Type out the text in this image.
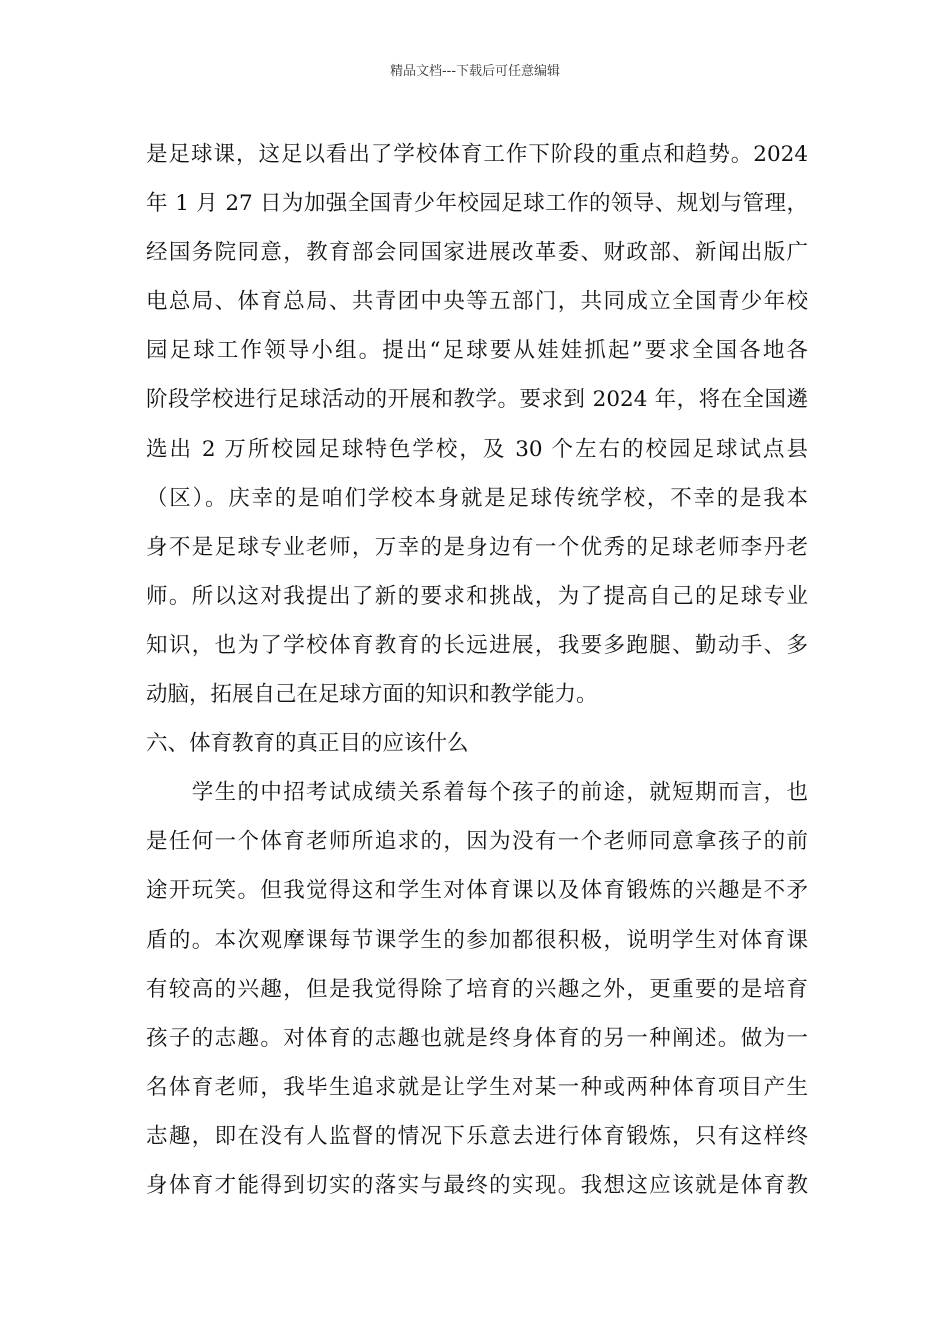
精品文档---下载后可任意编辑
是足球课，这足以看出了学校体育工作下阶段的重点和趋势。2024
年 1 月 27 日为加强全国青少年校园足球工作的领导、规划与管理，
经国务院同意，教育部会同国家进展改革委、财政部、新闻出版广
电总局、体育总局、共青团中央等五部门，共同成立全国青少年校
园足球工作领导小组。提出“足球要从娃娃抓起”要求全国各地各
阶段学校进行足球活动的开展和教学。要求到 2024 年，将在全国遴
选出 2 万所校园足球特色学校，及 30 个左右的校园足球试点县
（区）。庆幸的是咱们学校本身就是足球传统学校，不幸的是我本
身不是足球专业老师，万幸的是身边有一个优秀的足球老师李丹老
师。所以这对我提出了新的要求和挑战，为了提高自己的足球专业
知识，也为了学校体育教育的长远进展，我要多跑腿、勤动手、多
动脑，拓展自己在足球方面的知识和教学能力。
六、体育教育的真正目的应该什么
　　学生的中招考试成绩关系着每个孩子的前途，就短期而言，也
是任何一个体育老师所追求的，因为没有一个老师同意拿孩子的前
途开玩笑。但我觉得这和学生对体育课以及体育锻炼的兴趣是不矛
盾的。本次观摩课每节课学生的参加都很积极，说明学生对体育课
有较高的兴趣，但是我觉得除了培育的兴趣之外，更重要的是培育
孩子的志趣。对体育的志趣也就是终身体育的另一种阐述。做为一
名体育老师，我毕生追求就是让学生对某一种或两种体育项目产生
志趣，即在没有人监督的情况下乐意去进行体育锻炼，只有这样终
身体育才能得到切实的落实与最终的实现。我想这应该就是体育教
